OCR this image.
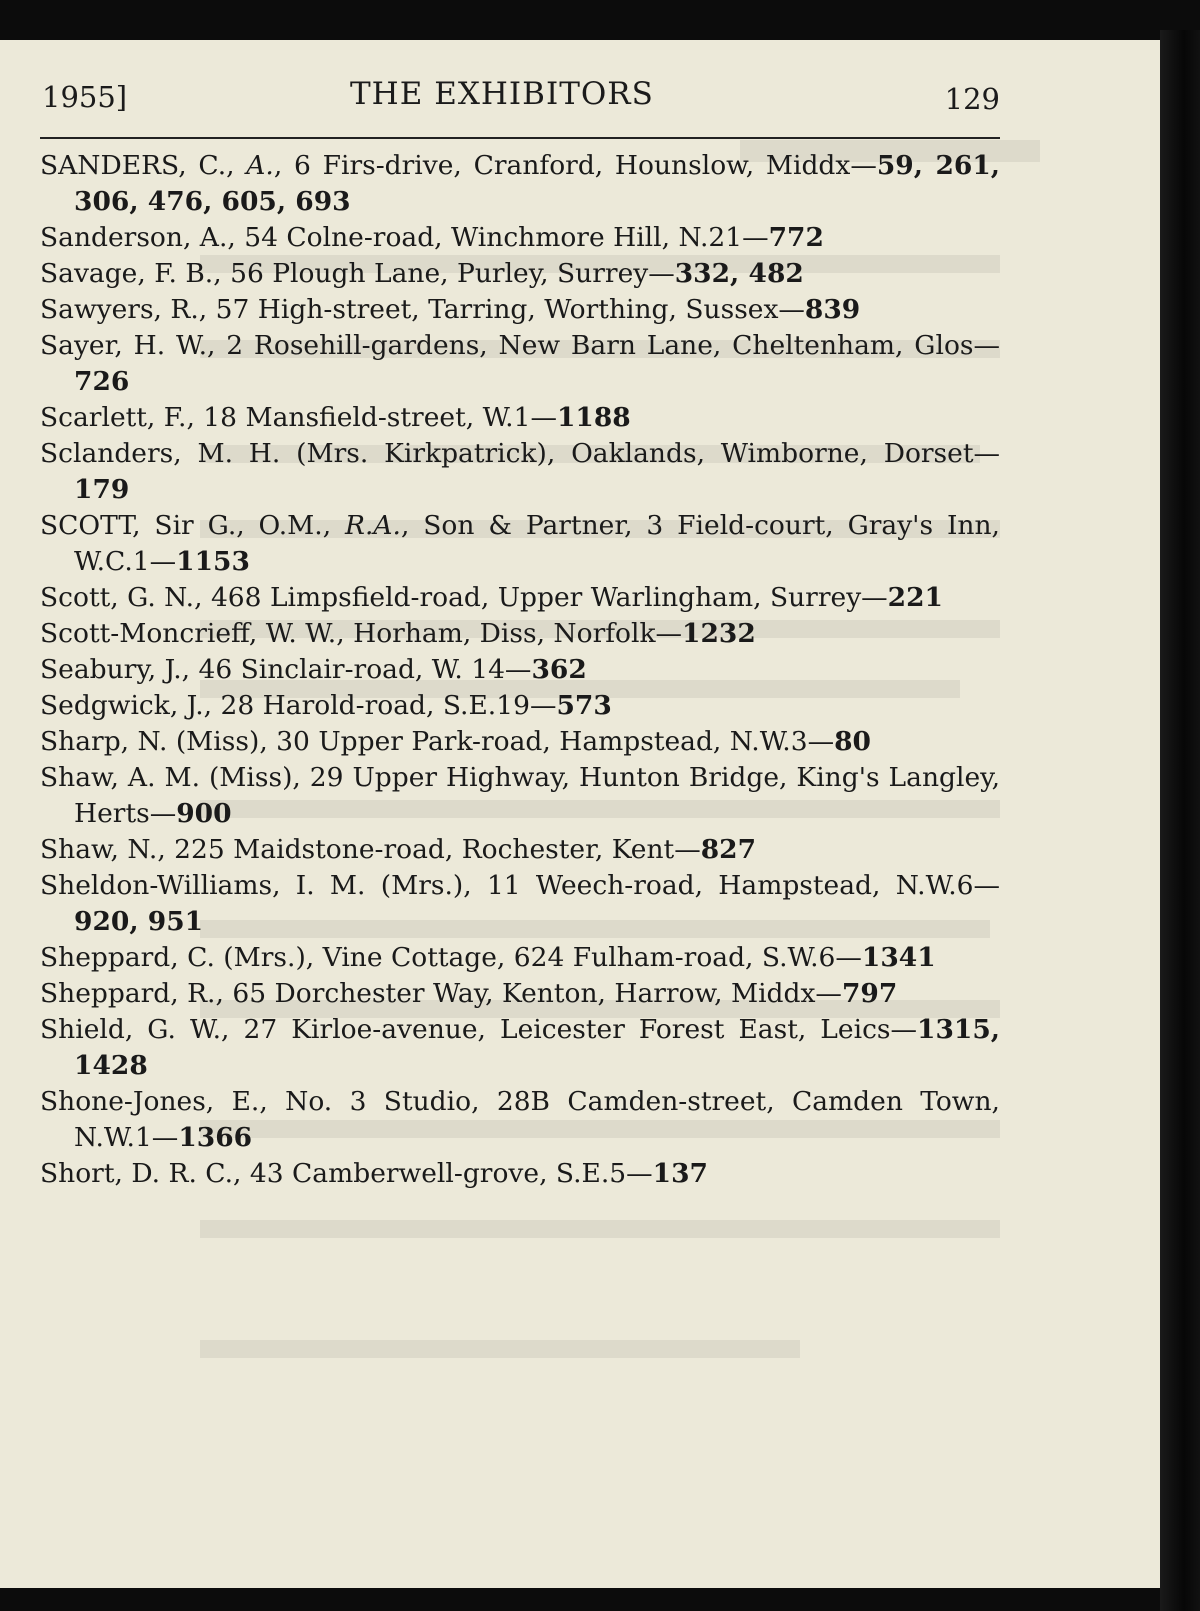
1955]	THE EXHIBITORS	129

SANDERS, C., A., 6 Firs-drive, Cranford, Hounslow, Middx—59, 261, 306, 476, 605, 693

Sanderson, A., 54 Colne-road, Winchmore Hill, N.21—772

Savage, F. B., 56 Plough Lane, Purley, Surrey—332, 482

Sawyers, R., 57 High-street, Tarring, Worthing, Sussex—839

Sayer, H. W., 2 Rosehill-gardens, New Barn Lane, Cheltenham, Glos—726

Scarlett, F., 18 Mansfield-street, W.1—1188

Sclanders, M. H. (Mrs. Kirkpatrick), Oaklands, Wimborne, Dorset—179

SCOTT, Sir G., O.M., R.A., Son & Partner, 3 Field-court, Gray's Inn, W.C.1—1153

Scott, G. N., 468 Limpsfield-road, Upper Warlingham, Surrey—221

Scott-Moncrieff, W. W., Horham, Diss, Norfolk—1232

Seabury, J., 46 Sinclair-road, W. 14—362

Sedgwick, J., 28 Harold-road, S.E.19—573

Sharp, N. (Miss), 30 Upper Park-road, Hampstead, N.W.3—80

Shaw, A. M. (Miss), 29 Upper Highway, Hunton Bridge, King's Langley, Herts—900

Shaw, N., 225 Maidstone-road, Rochester, Kent—827

Sheldon-Williams, I. M. (Mrs.), 11 Weech-road, Hampstead, N.W.6—920, 951

Sheppard, C. (Mrs.), Vine Cottage, 624 Fulham-road, S.W.6—1341

Sheppard, R., 65 Dorchester Way, Kenton, Harrow, Middx—797

Shield, G. W., 27 Kirloe-avenue, Leicester Forest East, Leics—1315, 1428

Shone-Jones, E., No. 3 Studio, 28B Camden-street, Camden Town, N.W.1—1366

Short, D. R. C., 43 Camberwell-grove, S.E.5—137
